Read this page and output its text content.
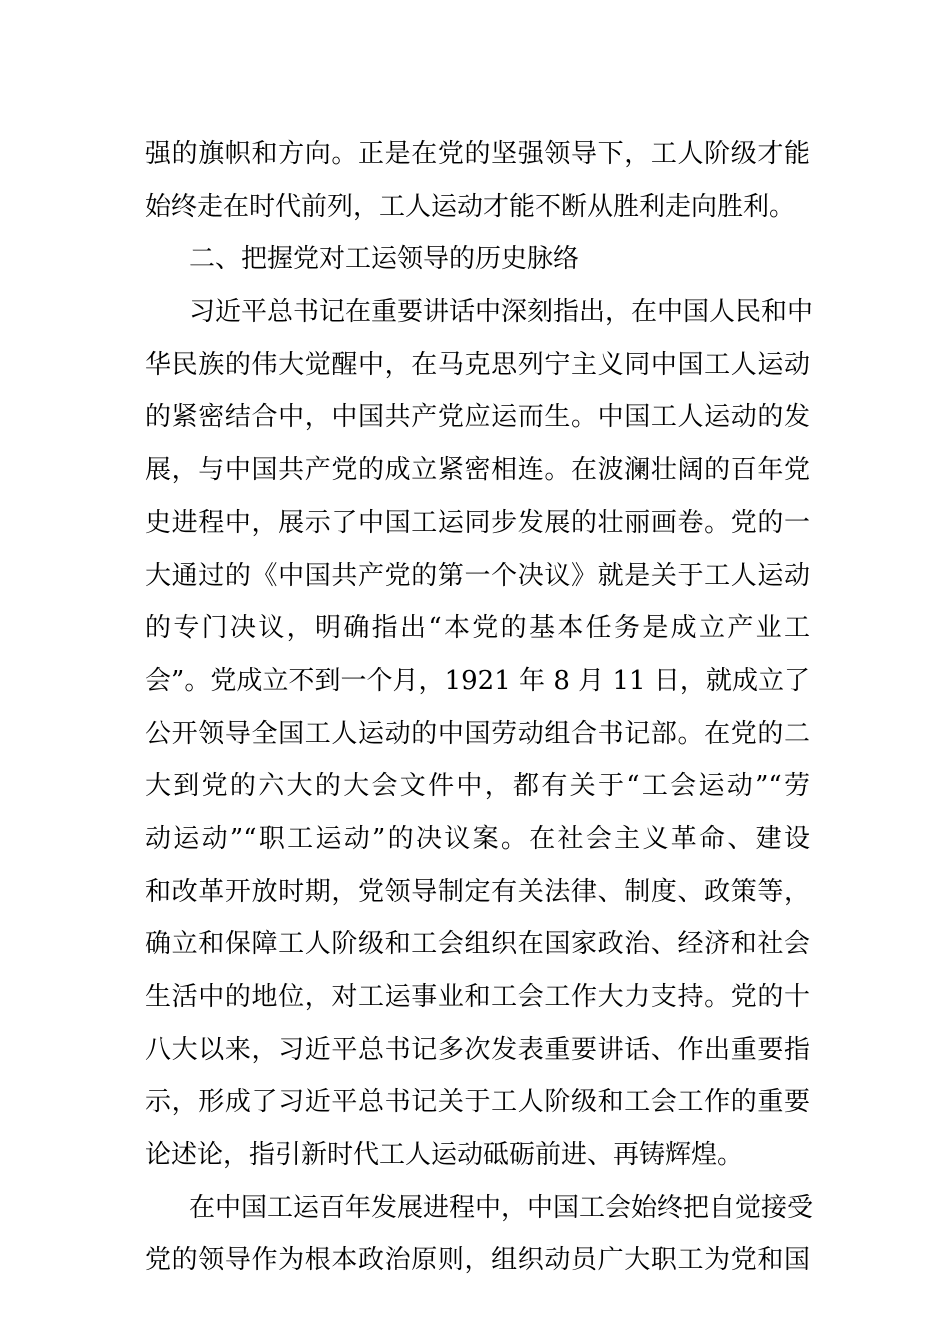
强的旗帜和方向。正是在党的坚强领导下，工人阶级才能
始终走在时代前列，工人运动才能不断从胜利走向胜利。
二、把握党对工运领导的历史脉络
习近平总书记在重要讲话中深刻指出，在中国人民和中
华民族的伟大觉醒中，在马克思列宁主义同中国工人运动
的紧密结合中，中国共产党应运而生。中国工人运动的发
展，与中国共产党的成立紧密相连。在波澜壮阔的百年党
史进程中，展示了中国工运同步发展的壮丽画卷。党的一
大通过的《中国共产党的第一个决议》就是关于工人运动
的专门决议，明确指出“本党的基本任务是成立产业工
会”。党成立不到一个月，1921 年 8 月 11 日，就成立了
公开领导全国工人运动的中国劳动组合书记部。在党的二
大到党的六大的大会文件中，都有关于“工会运动”“劳
动运动”“职工运动”的决议案。在社会主义革命、建设
和改革开放时期，党领导制定有关法律、制度、政策等，
确立和保障工人阶级和工会组织在国家政治、经济和社会
生活中的地位，对工运事业和工会工作大力支持。党的十
八大以来，习近平总书记多次发表重要讲话、作出重要指
示，形成了习近平总书记关于工人阶级和工会工作的重要
论述论，指引新时代工人运动砥砺前进、再铸辉煌。
在中国工运百年发展进程中，中国工会始终把自觉接受
党的领导作为根本政治原则，组织动员广大职工为党和国
